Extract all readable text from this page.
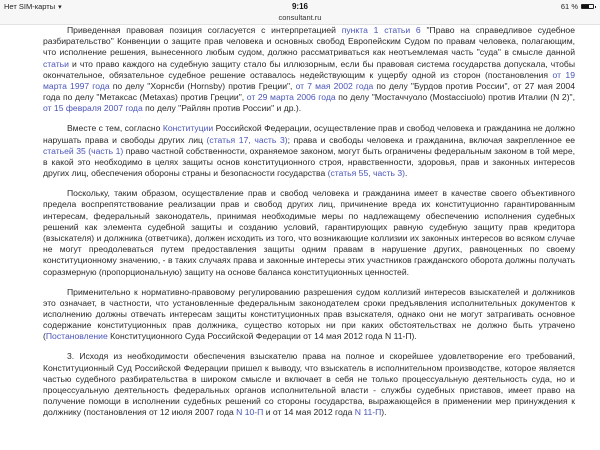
Нет SIM-карты ▾	9:16
consultant.ru
61 %

Приведенная правовая позиция согласуется с интерпретацией пункта 1 статьи 6 "Право на справедливое судебное разбирательство" Конвенции о защите прав человека и основных свобод Европейским Судом по правам человека, полагающим, что исполнение решения, вынесенного любым судом, должно рассматриваться как неотъемлемая часть "суда" в смысле данной статьи и что право каждого на судебную защиту стало бы иллюзорным, если бы правовая система государства допускала, чтобы окончательное, обязательное судебное решение оставалось недействующим к ущербу одной из сторон (постановления от 19 марта 1997 года по делу "Хорнсби (Hornsby) против Греции", от 7 мая 2002 года по делу "Бурдов против России", от 27 мая 2004 года по делу "Метаксас (Metaxas) против Греции", от 29 марта 2006 года по делу "Мостаччуоло (Mostacciuolo) против Италии (N 2)", от 15 февраля 2007 года по делу "Райлян против России" и др.).

Вместе с тем, согласно Конституции Российской Федерации, осуществление прав и свобод человека и гражданина не должно нарушать права и свободы других лиц (статья 17, часть 3); права и свободы человека и гражданина, включая закрепленное ее статьей 35 (часть 1) право частной собственности, охраняемое законом, могут быть ограничены федеральным законом в той мере, в какой это необходимо в целях защиты основ конституционного строя, нравственности, здоровья, прав и законных интересов других лиц, обеспечения обороны страны и безопасности государства (статья 55, часть 3).

Поскольку, таким образом, осуществление прав и свобод человека и гражданина имеет в качестве своего объективного предела воспрепятствование реализации прав и свобод других лиц, причинение вреда их конституционно гарантированным интересам, федеральный законодатель, принимая необходимые меры по надлежащему обеспечению исполнения судебных решений как элемента судебной защиты и созданию условий, гарантирующих равную судебную защиту прав кредитора (взыскателя) и должника (ответчика), должен исходить из того, что возникающие коллизии их законных интересов во всяком случае не могут преодолеваться путем предоставления защиты одним правам в нарушение других, равноценных по своему конституционному значению, - в таких случаях права и законные интересы этих участников гражданского оборота должны получать соразмерную (пропорциональную) защиту на основе баланса конституционных ценностей.

Применительно к нормативно-правовому регулированию разрешения судом коллизий интересов взыскателей и должников это означает, в частности, что установленные федеральным законодателем сроки предъявления исполнительных документов к исполнению должны отвечать интересам защиты конституционных прав взыскателя, однако они не могут затрагивать основное содержание конституционных прав должника, существо которых ни при каких обстоятельствах не должно быть утрачено (Постановление Конституционного Суда Российской Федерации от 14 мая 2012 года N 11-П).

3. Исходя из необходимости обеспечения взыскателю права на полное и скорейшее удовлетворение его требований, Конституционный Суд Российской Федерации пришел к выводу, что взыскатель в исполнительном производстве, которое является частью судебного разбирательства в широком смысле и включает в себя не только процессуальную деятельность суда, но и процессуальную деятельность федеральных органов исполнительной власти - службы судебных приставов, имеет право на получение помощи в исполнении судебных решений со стороны государства, выражающейся в применении мер принуждения к должнику (постановления от 12 июля 2007 года N 10-П и от 14 мая 2012 года N 11-П).
